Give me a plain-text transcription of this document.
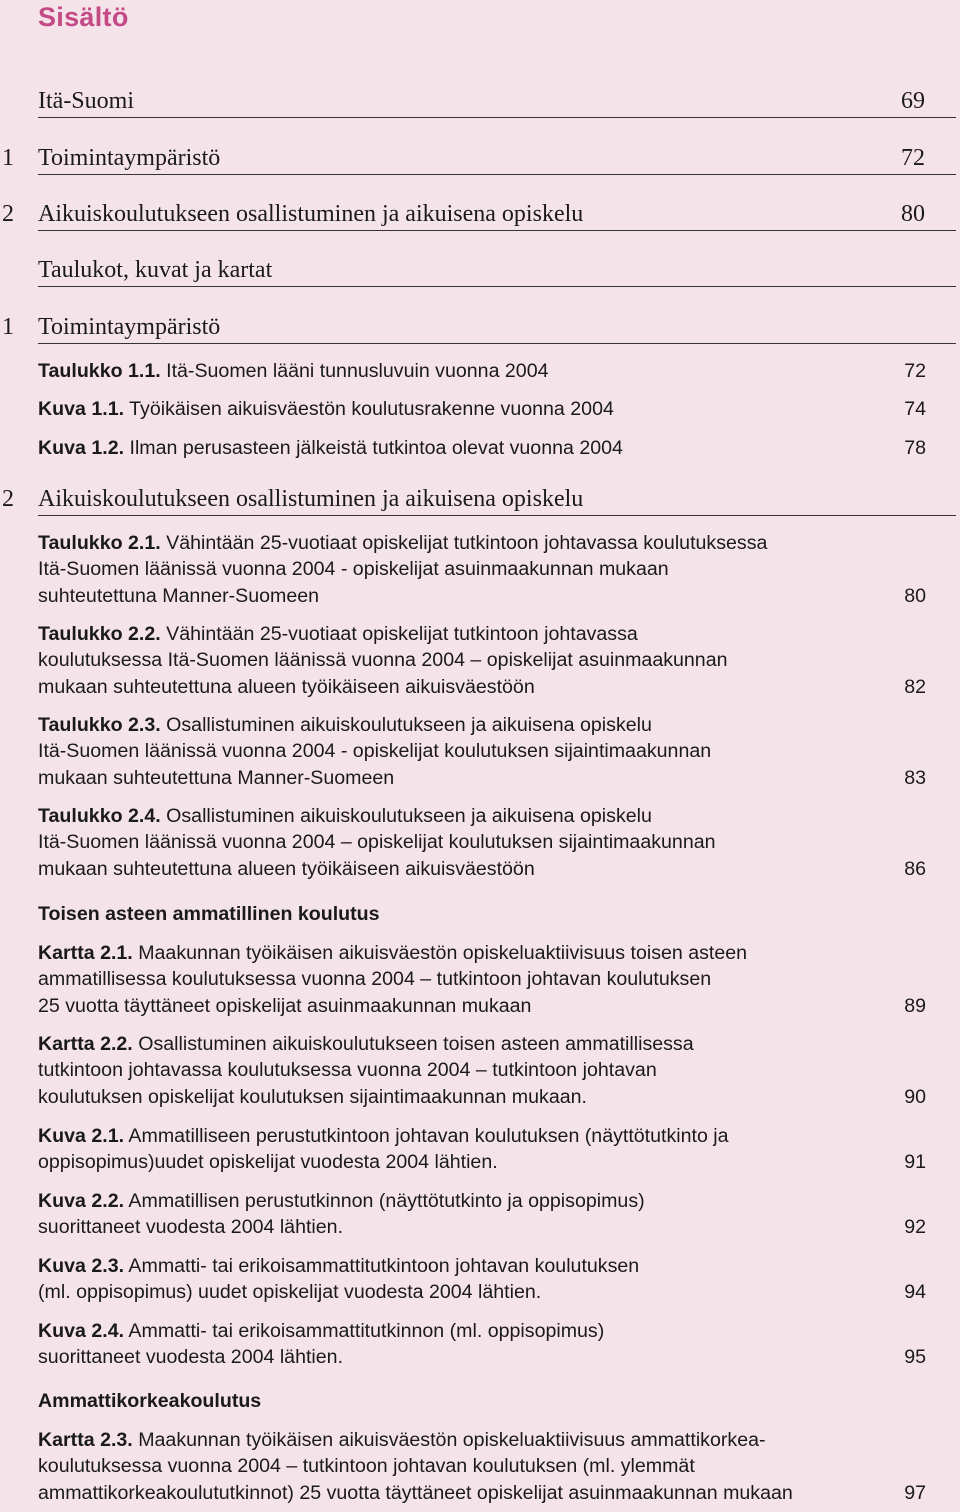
Sisältö
Itä-Suomi	69
1 Toimintaympäristö	72
2 Aikuiskoulutukseen osallistuminen ja aikuisena opiskelu	80
Taulukot, kuvat ja kartat
1 Toimintaympäristö
Taulukko 1.1. Itä-Suomen lääni tunnusluvuin vuonna 2004	72
Kuva 1.1. Työikäisen aikuisväestön koulutusrakenne vuonna 2004	74
Kuva 1.2. Ilman perusasteen jälkeistä tutkintoa olevat vuonna 2004	78
2 Aikuiskoulutukseen osallistuminen ja aikuisena opiskelu
Taulukko 2.1. Vähintään 25-vuotiaat opiskelijat tutkintoon johtavassa koulutuksessa
Itä-Suomen läänissä vuonna 2004 - opiskelijat asuinmaakunnan mukaan
suhteutettuna Manner-Suomeen	80
Taulukko 2.2. Vähintään 25-vuotiaat opiskelijat tutkintoon johtavassa
koulutuksessa Itä-Suomen läänissä vuonna 2004 – opiskelijat asuinmaakunnan
mukaan suhteutettuna alueen työikäiseen aikuisväestöön	82
Taulukko 2.3. Osallistuminen aikuiskoulutukseen ja aikuisena opiskelu
Itä-Suomen läänissä vuonna 2004 - opiskelijat koulutuksen sijaintimaakunnan
mukaan suhteutettuna Manner-Suomeen	83
Taulukko 2.4. Osallistuminen aikuiskoulutukseen ja aikuisena opiskelu
Itä-Suomen läänissä vuonna 2004 – opiskelijat koulutuksen sijaintimaakunnan
mukaan suhteutettuna alueen työikäiseen aikuisväestöön	86
Toisen asteen ammatillinen koulutus
Kartta 2.1. Maakunnan työikäisen aikuisväestön opiskeluaktiivisuus toisen asteen
ammatillisessa koulutuksessa vuonna 2004 – tutkintoon johtavan koulutuksen
25 vuotta täyttäneet opiskelijat asuinmaakunnan mukaan	89
Kartta 2.2. Osallistuminen aikuiskoulutukseen toisen asteen ammatillisessa
tutkintoon johtavassa koulutuksessa vuonna 2004 – tutkintoon johtavan
koulutuksen opiskelijat koulutuksen sijaintimaakunnan mukaan.	90
Kuva 2.1. Ammatilliseen perustutkintoon johtavan koulutuksen (näyttötutkinto ja
oppisopimus)uudet opiskelijat vuodesta 2004 lähtien.	91
Kuva 2.2. Ammatillisen perustutkinnon (näyttötutkinto ja oppisopimus)
suorittaneet vuodesta 2004 lähtien.	92
Kuva 2.3. Ammatti- tai erikoisammattitutkintoon johtavan koulutuksen
(ml. oppisopimus) uudet opiskelijat vuodesta 2004 lähtien.	94
Kuva 2.4. Ammatti- tai erikoisammattitutkinnon (ml. oppisopimus)
suorittaneet vuodesta 2004 lähtien.	95
Ammattikorkeakoulutus
Kartta 2.3. Maakunnan työikäisen aikuisväestön opiskeluaktiivisuus ammattikorkea-
koulutuksessa vuonna 2004 – tutkintoon johtavan koulutuksen (ml. ylemmät
ammattikorkeakoulututkinnot) 25 vuotta täyttäneet opiskelijat asuinmaakunnan mukaan	97
